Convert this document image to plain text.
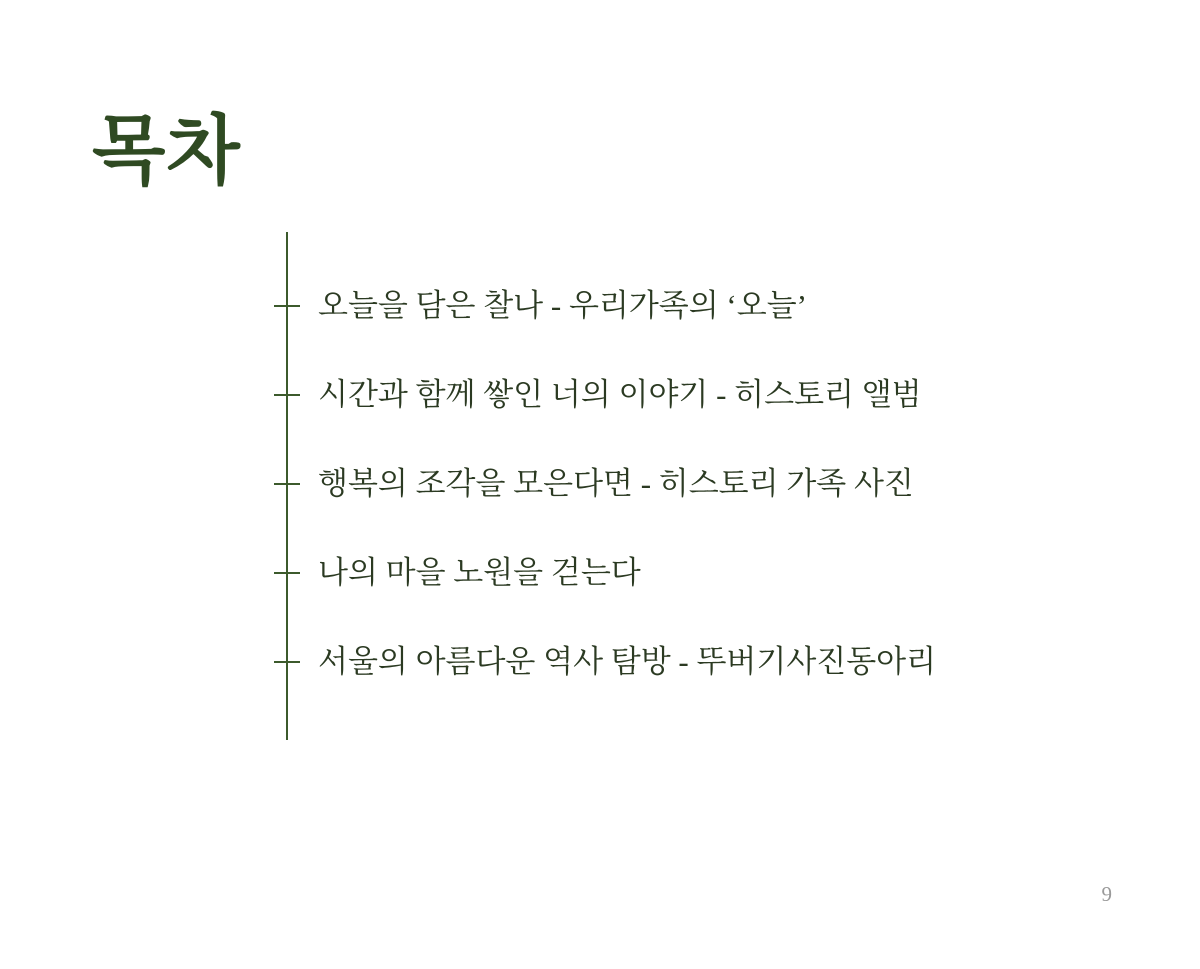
목차
오늘을 담은 찰나 - 우리가족의 ‘오늘’
시간과 함께 쌓인 너의 이야기 - 히스토리 앨범
행복의 조각을 모은다면 - 히스토리 가족 사진
나의 마을 노원을 걷는다
서울의 아름다운 역사 탐방 - 뚜버기사진동아리
9
